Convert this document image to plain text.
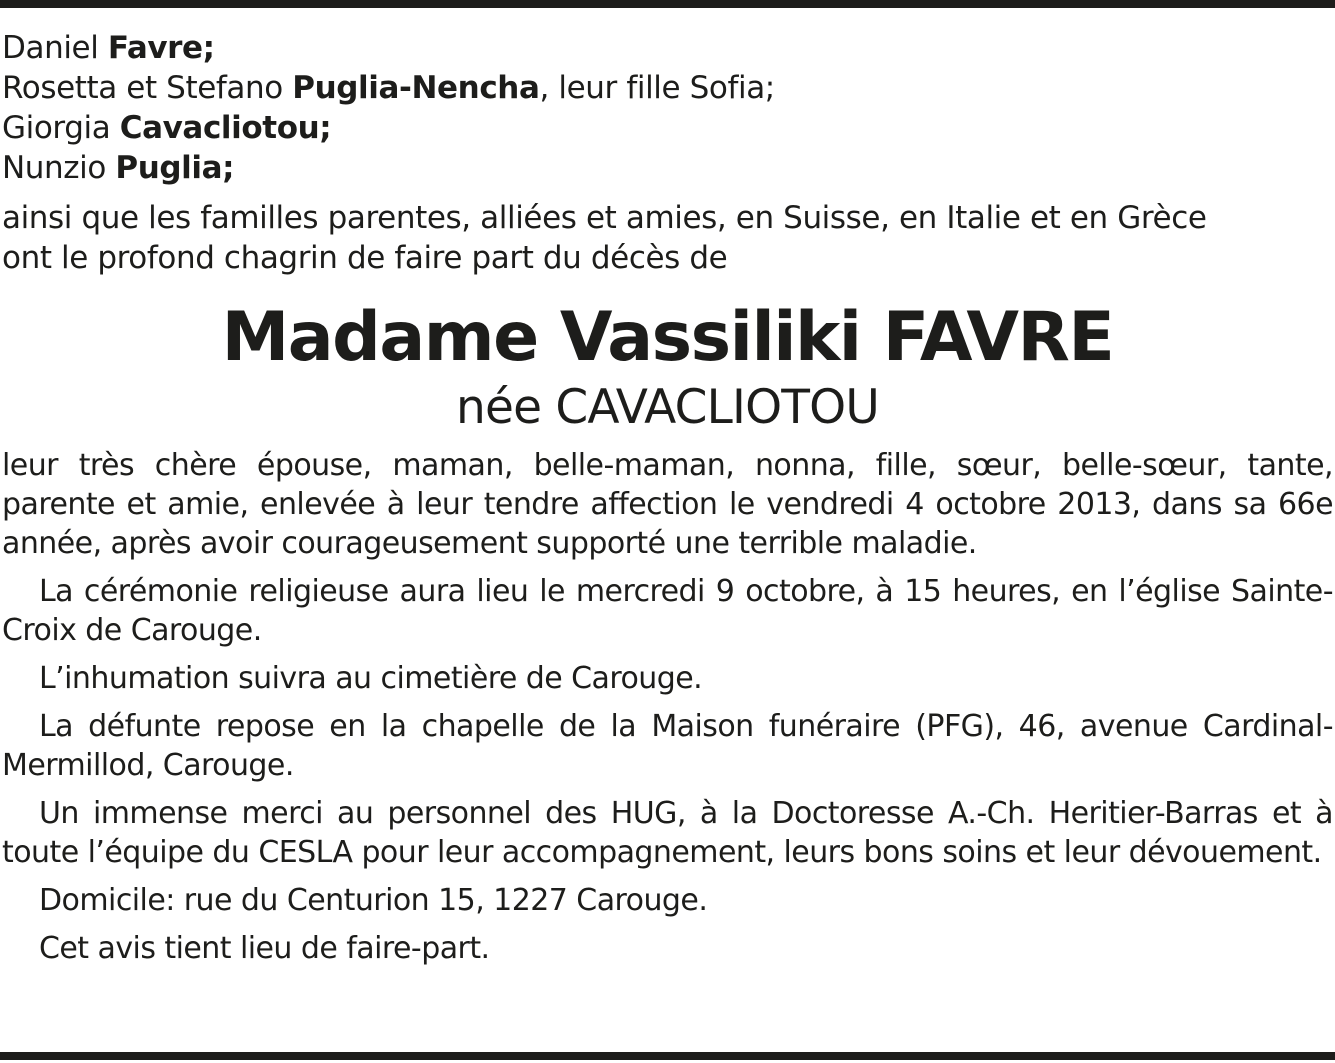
Daniel Favre;
Rosetta et Stefano Puglia-Nencha, leur fille Sofia;
Giorgia Cavacliotou;
Nunzio Puglia;
ainsi que les familles parentes, alliées et amies, en Suisse, en Italie et en Grèce
ont le profond chagrin de faire part du décès de
Madame Vassiliki FAVRE
née CAVACLIOTOU

leur très chère épouse, maman, belle-maman, nonna, fille, sœur, belle-sœur, tante, parente et amie, enlevée à leur tendre affection le vendredi 4 octobre 2013, dans sa 66e année, après avoir courageusement supporté une terrible maladie.

La cérémonie religieuse aura lieu le mercredi 9 octobre, à 15 heures, en l’église Sainte-Croix de Carouge.

L’inhumation suivra au cimetière de Carouge.

La défunte repose en la chapelle de la Maison funéraire (PFG), 46, avenue Cardinal-Mermillod, Carouge.

Un immense merci au personnel des HUG, à la Doctoresse A.-Ch. Heritier-Barras et à toute l’équipe du CESLA pour leur accompagnement, leurs bons soins et leur dévouement.

Domicile: rue du Centurion 15, 1227 Carouge.

Cet avis tient lieu de faire-part.
